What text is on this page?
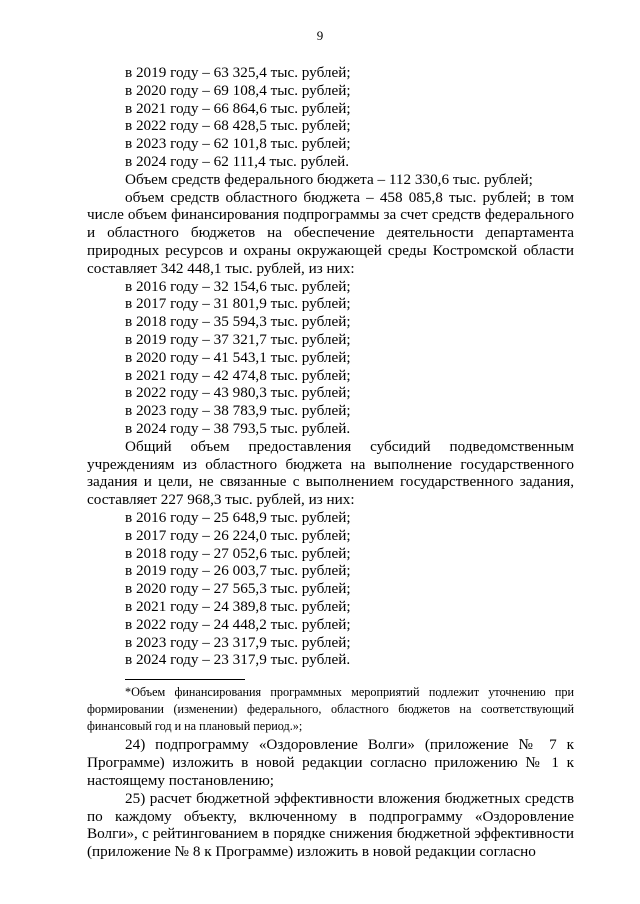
9
в 2019 году – 63 325,4 тыс. рублей;
в 2020 году – 69 108,4 тыс. рублей;
в 2021 году – 66 864,6 тыс. рублей;
в 2022 году – 68 428,5 тыс. рублей;
в 2023 году – 62 101,8 тыс. рублей;
в 2024 году – 62 111,4 тыс. рублей.
Объем средств федерального бюджета – 112 330,6 тыс. рублей;
объем средств областного бюджета – 458 085,8 тыс. рублей; в том числе объем финансирования подпрограммы за счет средств федерального и областного бюджетов на обеспечение деятельности департамента природных ресурсов и охраны окружающей среды Костромской области составляет 342 448,1 тыс. рублей, из них:
в 2016 году – 32 154,6 тыс. рублей;
в 2017 году – 31 801,9 тыс. рублей;
в 2018 году – 35 594,3 тыс. рублей;
в 2019 году – 37 321,7 тыс. рублей;
в 2020 году – 41 543,1 тыс. рублей;
в 2021 году – 42 474,8 тыс. рублей;
в 2022 году – 43 980,3 тыс. рублей;
в 2023 году – 38 783,9 тыс. рублей;
в 2024 году – 38 793,5 тыс. рублей.
Общий объем предоставления субсидий подведомственным учреждениям из областного бюджета на выполнение государственного задания и цели, не связанные с выполнением государственного задания, составляет 227 968,3 тыс. рублей, из них:
в 2016 году – 25 648,9 тыс. рублей;
в 2017 году – 26 224,0 тыс. рублей;
в 2018 году – 27 052,6 тыс. рублей;
в 2019 году – 26 003,7 тыс. рублей;
в 2020 году – 27 565,3 тыс. рублей;
в 2021 году – 24 389,8 тыс. рублей;
в 2022 году – 24 448,2 тыс. рублей;
в 2023 году – 23 317,9 тыс. рублей;
в 2024 году – 23 317,9 тыс. рублей.
*Объем финансирования программных мероприятий подлежит уточнению при формировании (изменении) федерального, областного бюджетов на соответствующий финансовый год и на плановый период.»;
24) подпрограмму «Оздоровление Волги» (приложение № 7 к Программе) изложить в новой редакции согласно приложению № 1 к настоящему постановлению;
25) расчет бюджетной эффективности вложения бюджетных средств по каждому объекту, включенному в подпрограмму «Оздоровление Волги», с рейтингованием в порядке снижения бюджетной эффективности (приложение № 8 к Программе) изложить в новой редакции согласно
